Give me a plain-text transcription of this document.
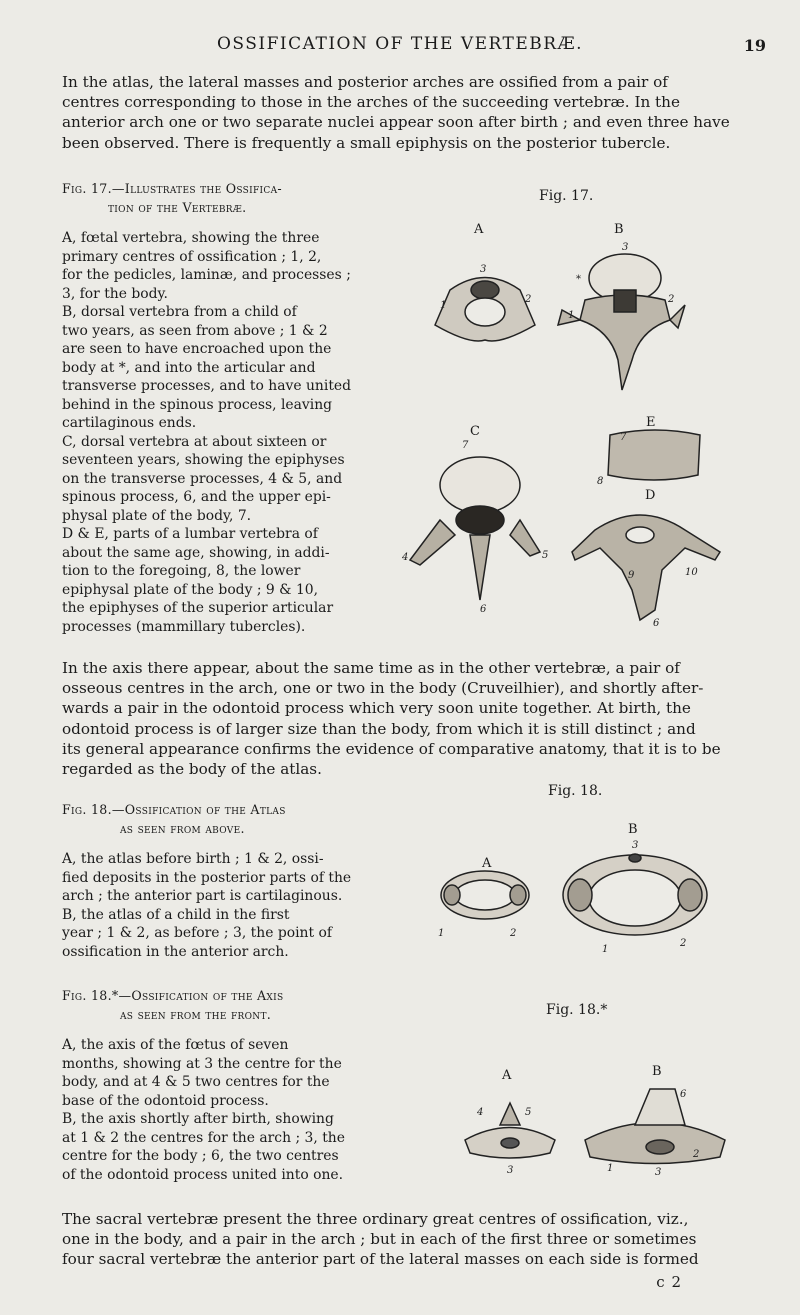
OSSIFICATION OF THE VERTEBRÆ.	19

In the atlas, the lateral masses and posterior arches are ossified from a pair of
centres corresponding to those in the arches of the succeeding vertebræ. In the
anterior arch one or two separate nuclei appear soon after birth ; and even three have
been observed. There is frequently a small epiphysis on the posterior tubercle.

Fig. 17.—Illustrates the Ossifica-
tion of the Vertebræ.
A, fœtal vertebra, showing the three
primary centres of ossification ; 1, 2,
for the pedicles, laminæ, and processes ;
3, for the body.
B, dorsal vertebra from a child of
two years, as seen from above ; 1 & 2
are seen to have encroached upon the
body at *, and into the articular and
transverse processes, and to have united
behind in the spinous process, leaving
cartilaginous ends.
C, dorsal vertebra at about sixteen or
seventeen years, showing the epiphyses
on the transverse processes, 4 & 5, and
spinous process, 6, and the upper epi-
physal plate of the body, 7.
D & E, parts of a lumbar vertebra of
about the same age, showing, in addi-
tion to the foregoing, 8, the lower
epiphysal plate of the body ; 9 & 10,
the epiphyses of the superior articular
processes (mammillary tubercles).
Fig. 17.
A	B
C
D
E
1
2
3
1
2
3
*
7
4	5
6
7
8
9	10
6

In the axis there appear, about the same time as in the other vertebræ, a pair of
osseous centres in the arch, one or two in the body (Cruveilhier), and shortly after-
wards a pair in the odontoid process which very soon unite together. At birth, the
odontoid process is of larger size than the body, from which it is still distinct ; and
its general appearance confirms the evidence of comparative anatomy, that it is to be
regarded as the body of the atlas.

Fig. 18.—Ossification of the Atlas
as seen from above.
A, the atlas before birth ; 1 & 2, ossi-
fied deposits in the posterior parts of the
arch ; the anterior part is cartilaginous.
B, the atlas of a child in the first
year ; 1 & 2, as before ; 3, the point of
ossification in the anterior arch.
Fig. 18.
A
B
1	2
3
1
2
Fig. 18.*—Ossification of the Axis
as seen from the front.
A, the axis of the fœtus of seven
months, showing at 3 the centre for the
body, and at 4 & 5 two centres for the
base of the odontoid process.
B, the axis shortly after birth, showing
at 1 & 2 the centres for the arch ; 3, the
centre for the body ; 6, the two centres
of the odontoid process united into one.
Fig. 18.*
A	B
4	5
3
6
1
2
3

The sacral vertebræ present the three ordinary great centres of ossification, viz.,
one in the body, and a pair in the arch ; but in each of the first three or sometimes
four sacral vertebræ the anterior part of the lateral masses on each side is formed

c 2
